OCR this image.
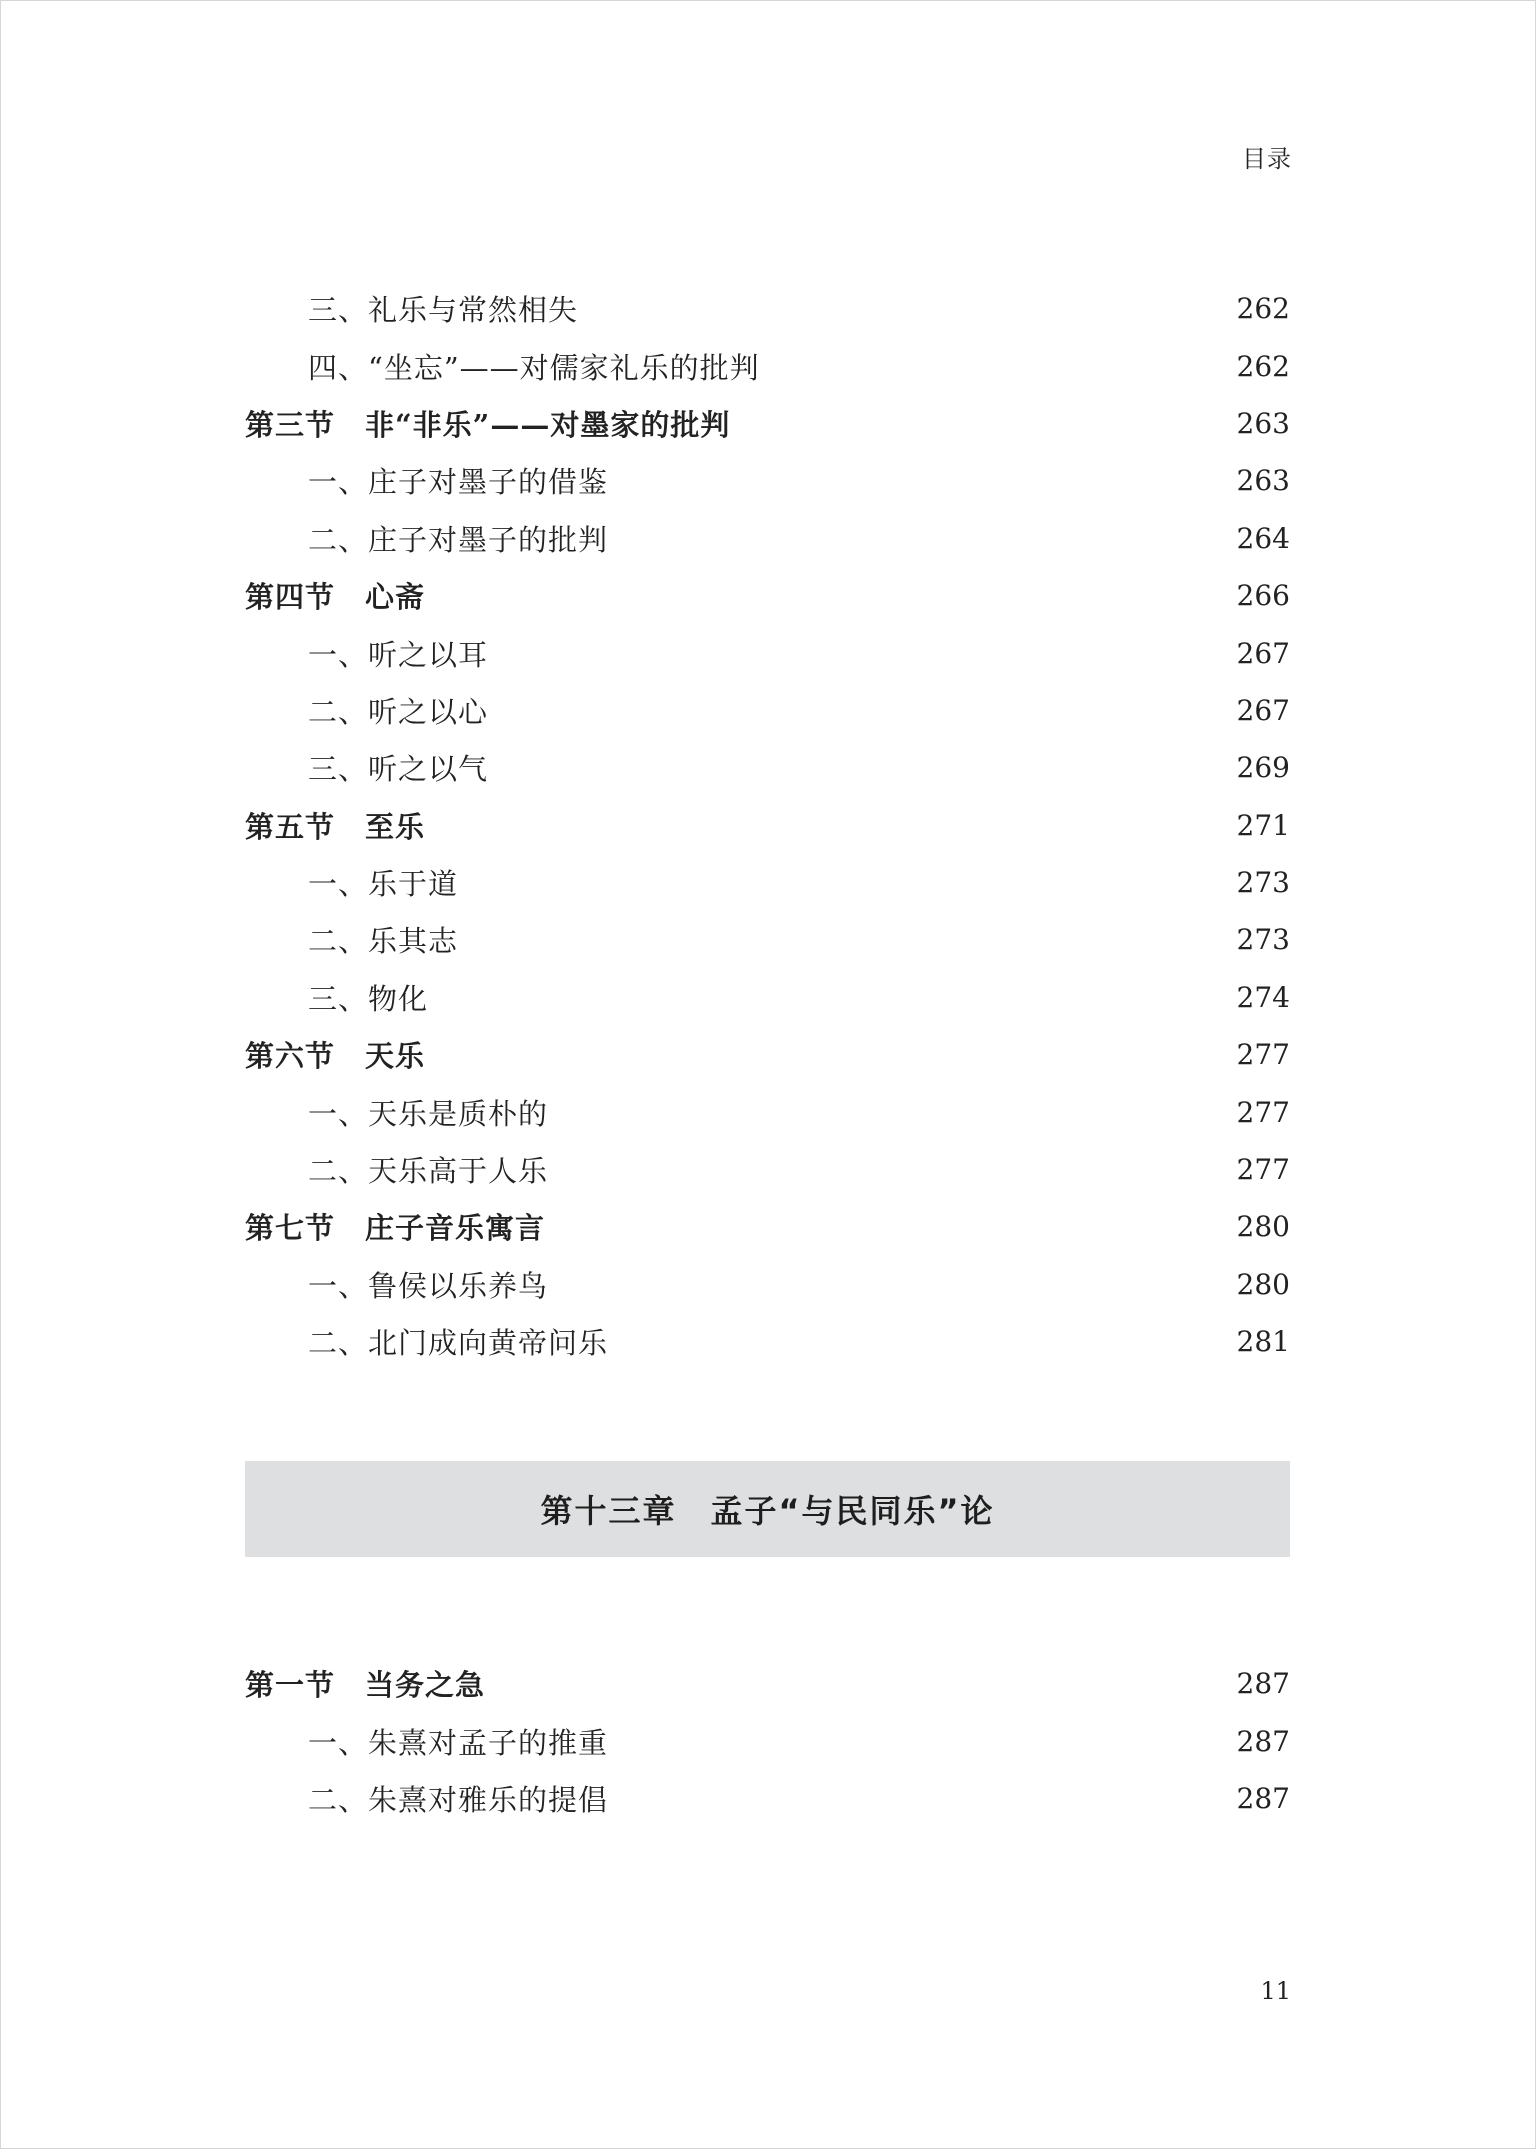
目录
三、礼乐与常然相失	262
四、“坐忘”——对儒家礼乐的批判	262
第三节　非“非乐”——对墨家的批判	263
一、庄子对墨子的借鉴	263
二、庄子对墨子的批判	264
第四节　心斋	266
一、听之以耳	267
二、听之以心	267
三、听之以气	269
第五节　至乐	271
一、乐于道	273
二、乐其志	273
三、物化	274
第六节　天乐	277
一、天乐是质朴的	277
二、天乐高于人乐	277
第七节　庄子音乐寓言	280
一、鲁侯以乐养鸟	280
二、北门成向黄帝问乐	281
第十三章　孟子“与民同乐”论
第一节　当务之急	287
一、朱熹对孟子的推重	287
二、朱熹对雅乐的提倡	287
11
